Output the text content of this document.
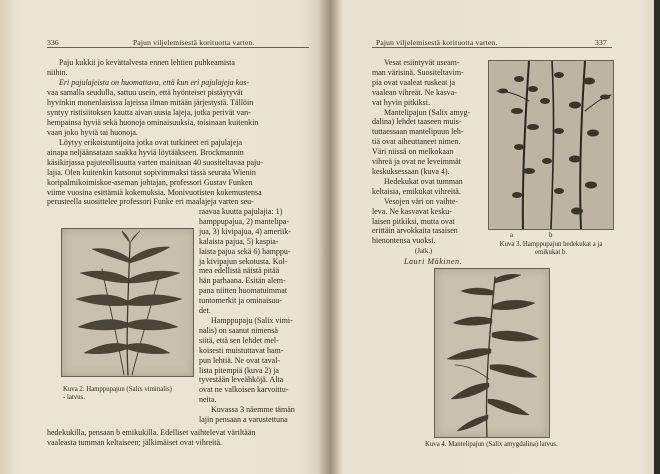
336	Pajun viljelemisestä korituotta varten.

Paju kukkii jo kevättalvesta ennen lehtien puhkeamista

niihin.

Eri pajulajeista on huomattava, että kun eri pajulajeja kas-

vaa samalla seudulla, sattuu usein, että hyönteiset pistäytyvät

hyvinkin monenlaisissa lajeissa ilman mitään järjestystä. Tällöin

syntyy ristisiitoksen kautta aivan uusia lajeja, jotka perivät van-

hempainsa hyviä sekä huonoja ominaisuuksia, toisinaan kuitenkin

vaan joko hyviä tai huonoja.

Löytyy erikoistuntijoita jotka ovat tutkineet eri pajulajeja

ainapa neljäänsataan saakka hyviä löytääkseen. Brockmannin

käsikirjassa pajuteollisuutta varten mainitaan 40 suositeltavaa paju-

lajia. Olen kuitenkin katsonut sopivimmaksi tässä seurata Wienin

koripalmikoimiskoe-aseman johtajan, professori Gustav Funken

viime vuosina esittämiä kokemuksia. Monivuotisten kokemustensa

perusteella suosittelee professori Funke eri maalajeja varten seu-

Kuva 2. Hamppupajun (Salix viminalis)
- latvus.

raavaa kuutta pajulajia: 1)

hamppupajua, 2) mantelipa-

jua, 3) kivipajua, 4) ameriik-

kalaista pajua, 5) kaspia-

laista pajua sekä 6) hamppu-

ja kivipajun sekotusta. Kol-

mea edellistä näistä pitää

hän parhaana. Esitän alem-

pana niitten huomatuimmat

tuntomerkit ja ominaisuu-

det.

Hamppupaju (Salix vimi-

nalis) on saanut nimensä

siitä, että sen lehdet mel-

koisesti muistuttavat ham-

pun lehtiä. Ne ovat taval-

lista pitempiä (kuva 2) ja

tyvestään leveähköjä. Alta

ovat ne valkoisen karvoittu-

neita.

Kuvassa 3 näemme tämän

lajin pensaan a varustettuna

hedekukilla, pensaan b emikukilla. Edelliset vaihtelevat väriltään

vaaleasta tumman keltaiseen; jälkimäiset ovat vihreitä.

Pajun viljelemisestä korituotta varten.	337

Vesat esiintyvät useam-

man värisinä. Suositeltavim-

pia ovat vaaleat ruskeat ja

vaalean vihreät. Ne kasva-

vat hyvin pitkiksi.

Mantelipajun (Salix amyg-

dalina) lehdet taaseen muis-

tuttaessaan mantelipuun leh-

tiä ovat aiheuttaneet nimen.

Väri niissä on melkokaan

vihreä ja ovat ne leveimmät

keskuksessaan (kuva 4).

Hedekukat ovat tumman

keltaisia, emikukat vihreitä.

Vesojen väri on vaihte-

leva. Ne kasvavat kesku-

laisen pitkiksi, mutta ovat

erittäin arvokkaita tasaisen

hienontensa vuoksi.

(Jatk.)
Lauri Mäkinen.
a	b
Kuva 3. Hamppupajun hedekukat a ja
emikukat b.
Kuva 4. Mantelipajun (Salix amygdalina) latvus.
